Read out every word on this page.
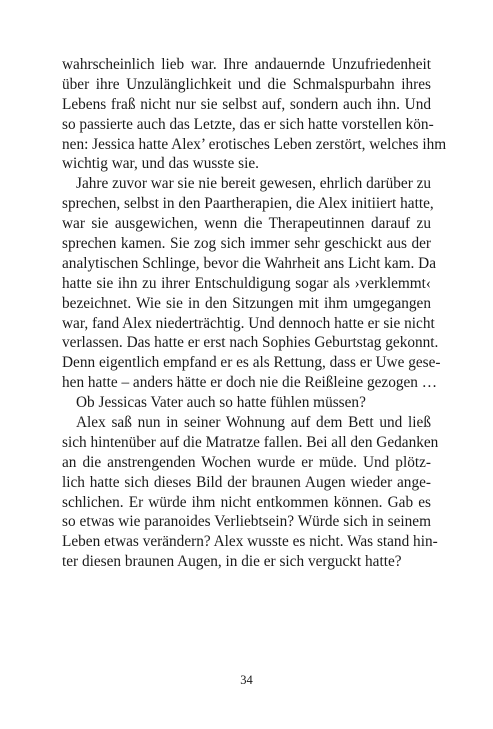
wahrscheinlich lieb war. Ihre andauernde Unzufriedenheit
über ihre Unzulänglichkeit und die Schmalspurbahn ihres
Lebens fraß nicht nur sie selbst auf, sondern auch ihn. Und
so passierte auch das Letzte, das er sich hatte vorstellen kön-
nen: Jessica hatte Alex’ erotisches Leben zerstört, welches ihm
wichtig war, und das wusste sie.
Jahre zuvor war sie nie bereit gewesen, ehrlich darüber zu
sprechen, selbst in den Paartherapien, die Alex initiiert hatte,
war sie ausgewichen, wenn die Therapeutinnen darauf zu
sprechen kamen. Sie zog sich immer sehr geschickt aus der
analytischen Schlinge, bevor die Wahrheit ans Licht kam. Da
hatte sie ihn zu ihrer Entschuldigung sogar als ›verklemmt‹
bezeichnet. Wie sie in den Sitzungen mit ihm umgegangen
war, fand Alex niederträchtig. Und dennoch hatte er sie nicht
verlassen. Das hatte er erst nach Sophies Geburtstag gekonnt.
Denn eigentlich empfand er es als Rettung, dass er Uwe gese-
hen hatte – anders hätte er doch nie die Reißleine gezogen …
Ob Jessicas Vater auch so hatte fühlen müssen?
Alex saß nun in seiner Wohnung auf dem Bett und ließ
sich hintenüber auf die Matratze fallen. Bei all den Gedanken
an die anstrengenden Wochen wurde er müde. Und plötz-
lich hatte sich dieses Bild der braunen Augen wieder ange-
schlichen. Er würde ihm nicht entkommen können. Gab es
so etwas wie paranoides Verliebtsein? Würde sich in seinem
Leben etwas verändern? Alex wusste es nicht. Was stand hin-
ter diesen braunen Augen, in die er sich verguckt hatte?
34
